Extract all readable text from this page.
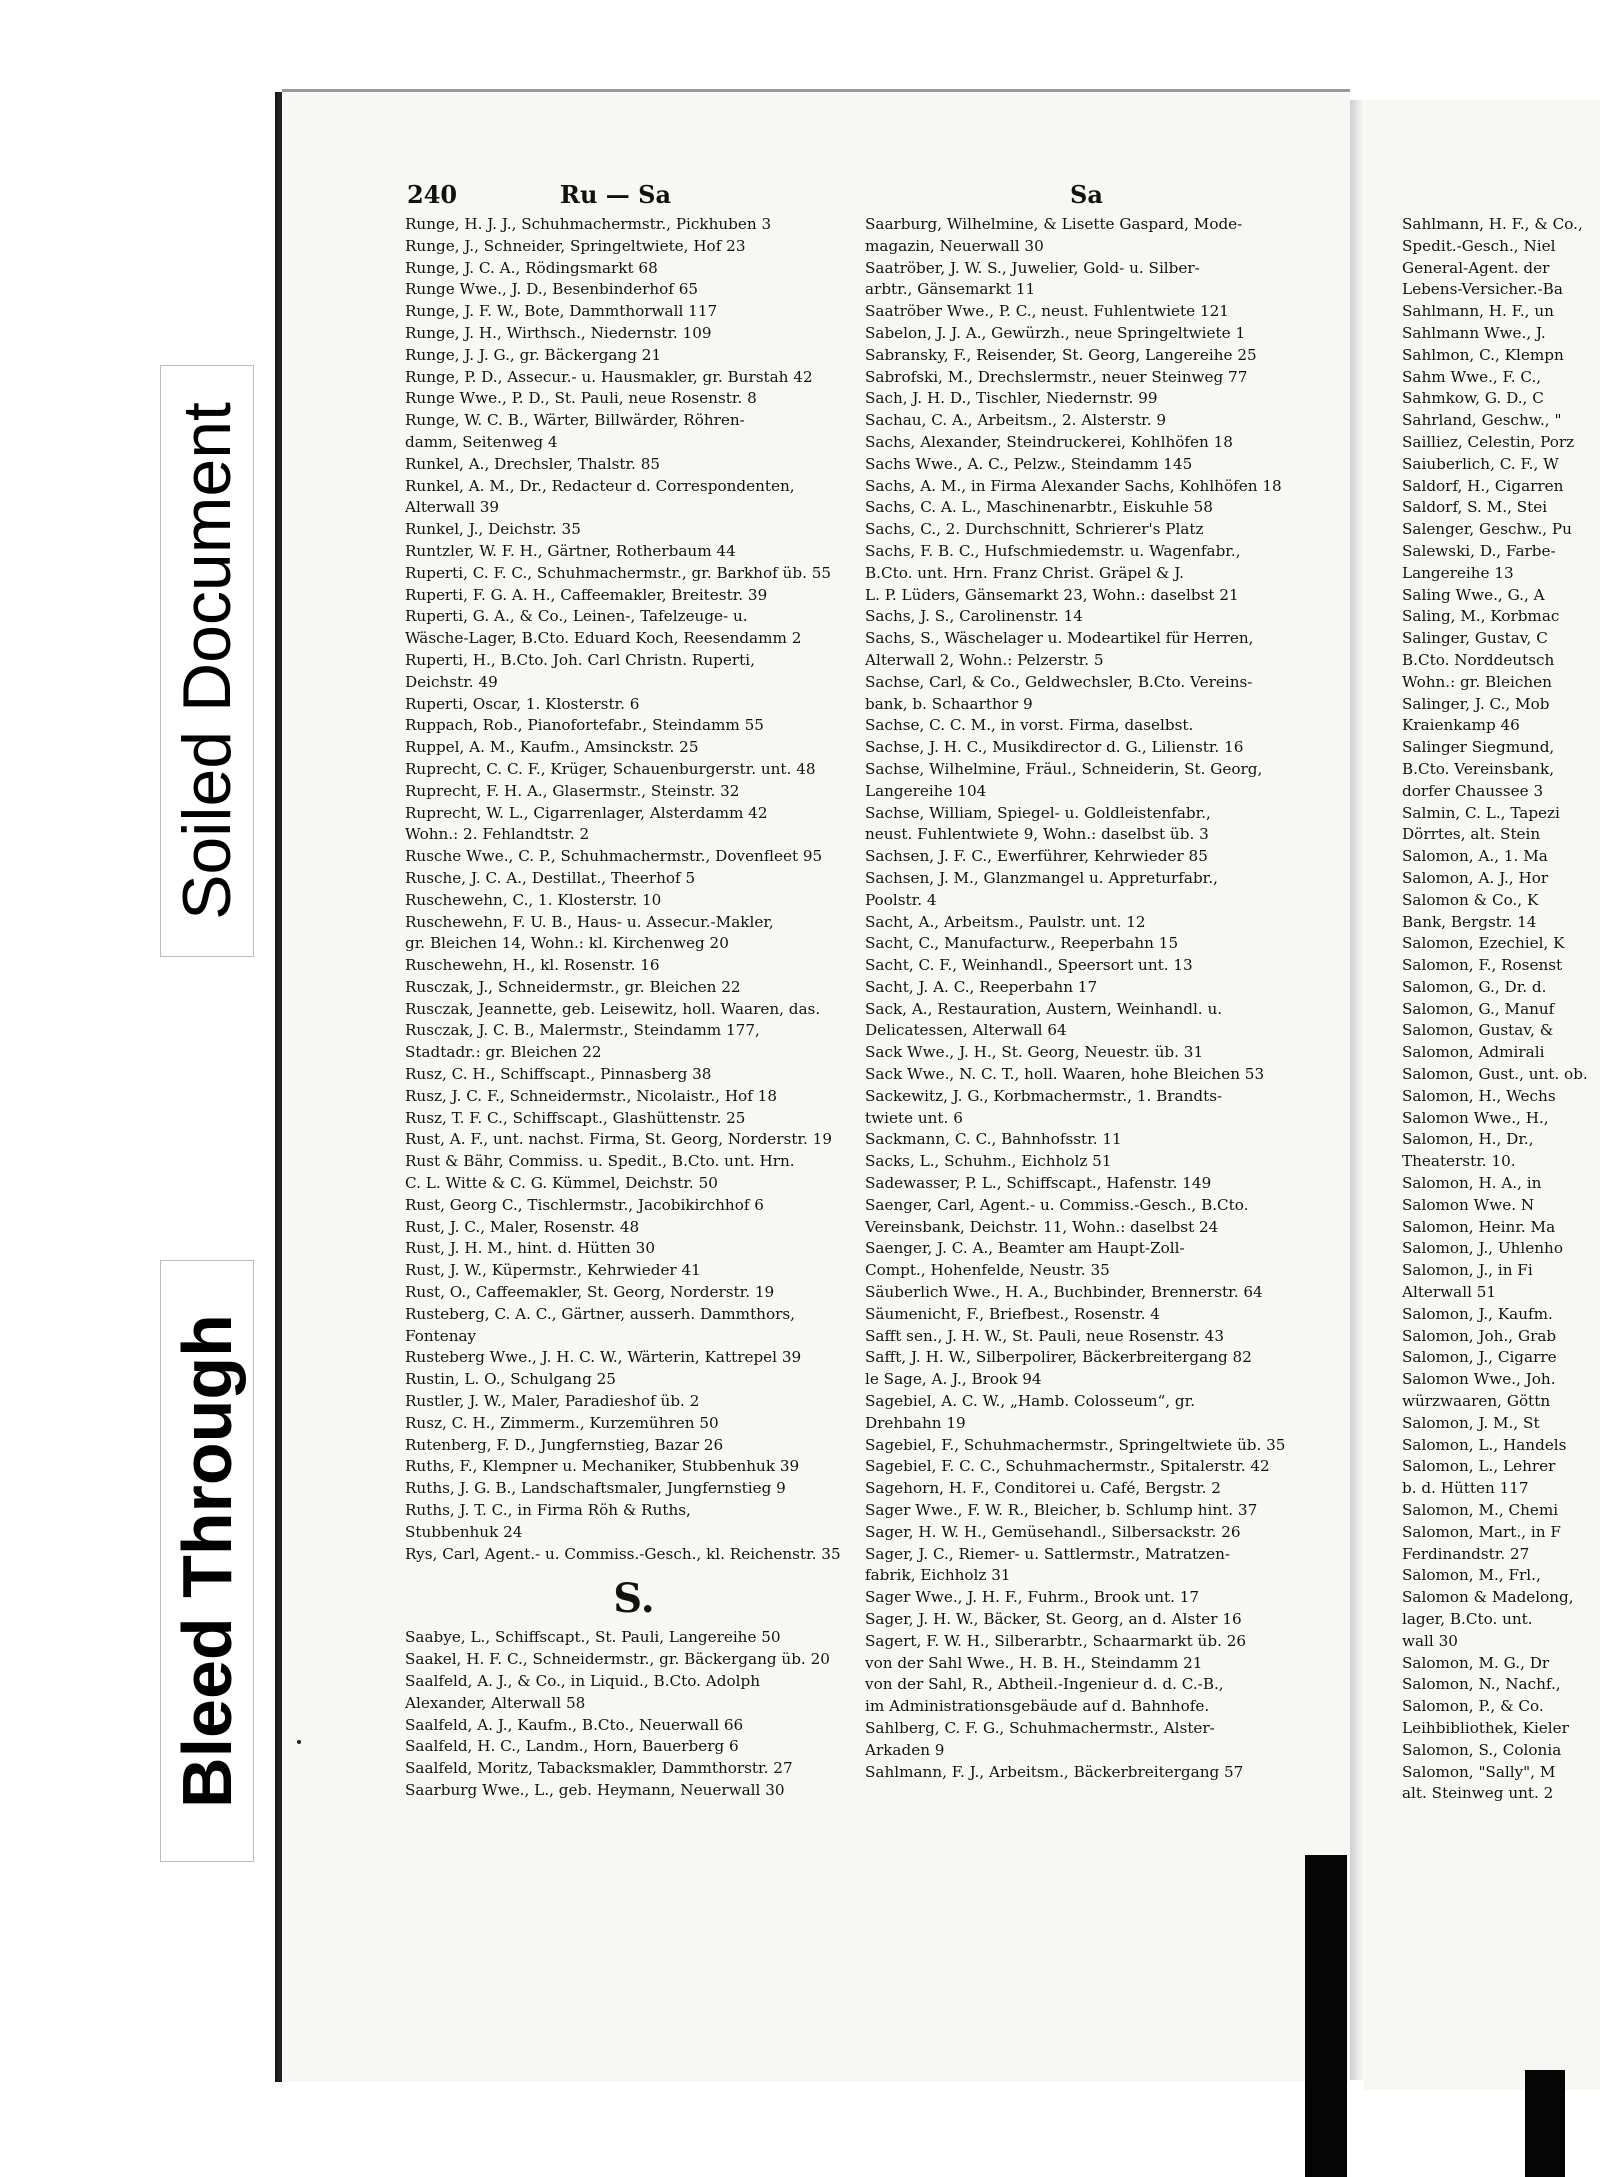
Soiled Document
Bleed Through
240	Ru — Sa	Sa
Runge, H. J. J., Schuhmachermstr., Pickhuben 3
Runge, J., Schneider, Springeltwiete, Hof 23
Runge, J. C. A., Rödingsmarkt 68
Runge Wwe., J. D., Besenbinderhof 65
Runge, J. F. W., Bote, Dammthorwall 117
Runge, J. H., Wirthsch., Niedernstr. 109
Runge, J. J. G., gr. Bäckergang 21
Runge, P. D., Assecur.- u. Hausmakler, gr. Burstah 42
Runge Wwe., P. D., St. Pauli, neue Rosenstr. 8
Runge, W. C. B., Wärter, Billwärder, Röhren-
damm, Seitenweg 4
Runkel, A., Drechsler, Thalstr. 85
Runkel, A. M., Dr., Redacteur d. Correspondenten,
Alterwall 39
Runkel, J., Deichstr. 35
Runtzler, W. F. H., Gärtner, Rotherbaum 44
Ruperti, C. F. C., Schuhmachermstr., gr. Barkhof üb. 55
Ruperti, F. G. A. H., Caffeemakler, Breitestr. 39
Ruperti, G. A., & Co., Leinen-, Tafelzeuge- u.
Wäsche-Lager, B.Cto. Eduard Koch, Reesendamm 2
Ruperti, H., B.Cto. Joh. Carl Christn. Ruperti,
Deichstr. 49
Ruperti, Oscar, 1. Klosterstr. 6
Ruppach, Rob., Pianofortefabr., Steindamm 55
Ruppel, A. M., Kaufm., Amsinckstr. 25
Ruprecht, C. C. F., Krüger, Schauenburgerstr. unt. 48
Ruprecht, F. H. A., Glasermstr., Steinstr. 32
Ruprecht, W. L., Cigarrenlager, Alsterdamm 42
Wohn.: 2. Fehlandtstr. 2
Rusche Wwe., C. P., Schuhmachermstr., Dovenfleet 95
Rusche, J. C. A., Destillat., Theerhof 5
Ruschewehn, C., 1. Klosterstr. 10
Ruschewehn, F. U. B., Haus- u. Assecur.-Makler,
gr. Bleichen 14, Wohn.: kl. Kirchenweg 20
Ruschewehn, H., kl. Rosenstr. 16
Rusczak, J., Schneidermstr., gr. Bleichen 22
Rusczak, Jeannette, geb. Leisewitz, holl. Waaren, das.
Rusczak, J. C. B., Malermstr., Steindamm 177,
Stadtadr.: gr. Bleichen 22
Rusz, C. H., Schiffscapt., Pinnasberg 38
Rusz, J. C. F., Schneidermstr., Nicolaistr., Hof 18
Rusz, T. F. C., Schiffscapt., Glashüttenstr. 25
Rust, A. F., unt. nachst. Firma, St. Georg, Norderstr. 19
Rust & Bähr, Commiss. u. Spedit., B.Cto. unt. Hrn.
C. L. Witte & C. G. Kümmel, Deichstr. 50
Rust, Georg C., Tischlermstr., Jacobikirchhof 6
Rust, J. C., Maler, Rosenstr. 48
Rust, J. H. M., hint. d. Hütten 30
Rust, J. W., Küpermstr., Kehrwieder 41
Rust, O., Caffeemakler, St. Georg, Norderstr. 19
Rusteberg, C. A. C., Gärtner, ausserh. Dammthors,
Fontenay
Rusteberg Wwe., J. H. C. W., Wärterin, Kattrepel 39
Rustin, L. O., Schulgang 25
Rustler, J. W., Maler, Paradieshof üb. 2
Rusz, C. H., Zimmerm., Kurzemühren 50
Rutenberg, F. D., Jungfernstieg, Bazar 26
Ruths, F., Klempner u. Mechaniker, Stubbenhuk 39
Ruths, J. G. B., Landschaftsmaler, Jungfernstieg 9
Ruths, J. T. C., in Firma Röh & Ruths,
Stubbenhuk 24
Rys, Carl, Agent.- u. Commiss.-Gesch., kl. Reichenstr. 35
S.
Saabye, L., Schiffscapt., St. Pauli, Langereihe 50
Saakel, H. F. C., Schneidermstr., gr. Bäckergang üb. 20
Saalfeld, A. J., & Co., in Liquid., B.Cto. Adolph
Alexander, Alterwall 58
Saalfeld, A. J., Kaufm., B.Cto., Neuerwall 66
Saalfeld, H. C., Landm., Horn, Bauerberg 6
Saalfeld, Moritz, Tabacksmakler, Dammthorstr. 27
Saarburg Wwe., L., geb. Heymann, Neuerwall 30
Saarburg, Wilhelmine, & Lisette Gaspard, Mode-
magazin, Neuerwall 30
Saatröber, J. W. S., Juwelier, Gold- u. Silber-
arbtr., Gänsemarkt 11
Saatröber Wwe., P. C., neust. Fuhlentwiete 121
Sabelon, J. J. A., Gewürzh., neue Springeltwiete 1
Sabransky, F., Reisender, St. Georg, Langereihe 25
Sabrofski, M., Drechslermstr., neuer Steinweg 77
Sach, J. H. D., Tischler, Niedernstr. 99
Sachau, C. A., Arbeitsm., 2. Alsterstr. 9
Sachs, Alexander, Steindruckerei, Kohlhöfen 18
Sachs Wwe., A. C., Pelzw., Steindamm 145
Sachs, A. M., in Firma Alexander Sachs, Kohlhöfen 18
Sachs, C. A. L., Maschinenarbtr., Eiskuhle 58
Sachs, C., 2. Durchschnitt, Schrierer's Platz
Sachs, F. B. C., Hufschmiedemstr. u. Wagenfabr.,
B.Cto. unt. Hrn. Franz Christ. Gräpel & J.
L. P. Lüders, Gänsemarkt 23, Wohn.: daselbst 21
Sachs, J. S., Carolinenstr. 14
Sachs, S., Wäschelager u. Modeartikel für Herren,
Alterwall 2, Wohn.: Pelzerstr. 5
Sachse, Carl, & Co., Geldwechsler, B.Cto. Vereins-
bank, b. Schaarthor 9
Sachse, C. C. M., in vorst. Firma, daselbst.
Sachse, J. H. C., Musikdirector d. G., Lilienstr. 16
Sachse, Wilhelmine, Fräul., Schneiderin, St. Georg,
Langereihe 104
Sachse, William, Spiegel- u. Goldleistenfabr.,
neust. Fuhlentwiete 9, Wohn.: daselbst üb. 3
Sachsen, J. F. C., Ewerführer, Kehrwieder 85
Sachsen, J. M., Glanzmangel u. Appreturfabr.,
Poolstr. 4
Sacht, A., Arbeitsm., Paulstr. unt. 12
Sacht, C., Manufacturw., Reeperbahn 15
Sacht, C. F., Weinhandl., Speersort unt. 13
Sacht, J. A. C., Reeperbahn 17
Sack, A., Restauration, Austern, Weinhandl. u.
Delicatessen, Alterwall 64
Sack Wwe., J. H., St. Georg, Neuestr. üb. 31
Sack Wwe., N. C. T., holl. Waaren, hohe Bleichen 53
Sackewitz, J. G., Korbmachermstr., 1. Brandts-
twiete unt. 6
Sackmann, C. C., Bahnhofsstr. 11
Sacks, L., Schuhm., Eichholz 51
Sadewasser, P. L., Schiffscapt., Hafenstr. 149
Saenger, Carl, Agent.- u. Commiss.-Gesch., B.Cto.
Vereinsbank, Deichstr. 11, Wohn.: daselbst 24
Saenger, J. C. A., Beamter am Haupt-Zoll-
Compt., Hohenfelde, Neustr. 35
Säuberlich Wwe., H. A., Buchbinder, Brennerstr. 64
Säumenicht, F., Briefbest., Rosenstr. 4
Safft sen., J. H. W., St. Pauli, neue Rosenstr. 43
Safft, J. H. W., Silberpolirer, Bäckerbreitergang 82
le Sage, A. J., Brook 94
Sagebiel, A. C. W., „Hamb. Colosseum“, gr.
Drehbahn 19
Sagebiel, F., Schuhmachermstr., Springeltwiete üb. 35
Sagebiel, F. C. C., Schuhmachermstr., Spitalerstr. 42
Sagehorn, H. F., Conditorei u. Café, Bergstr. 2
Sager Wwe., F. W. R., Bleicher, b. Schlump hint. 37
Sager, H. W. H., Gemüsehandl., Silbersackstr. 26
Sager, J. C., Riemer- u. Sattlermstr., Matratzen-
fabrik, Eichholz 31
Sager Wwe., J. H. F., Fuhrm., Brook unt. 17
Sager, J. H. W., Bäcker, St. Georg, an d. Alster 16
Sagert, F. W. H., Silberarbtr., Schaarmarkt üb. 26
von der Sahl Wwe., H. B. H., Steindamm 21
von der Sahl, R., Abtheil.-Ingenieur d. d. C.-B.,
im Administrationsgebäude auf d. Bahnhofe.
Sahlberg, C. F. G., Schuhmachermstr., Alster-
Arkaden 9
Sahlmann, F. J., Arbeitsm., Bäckerbreitergang 57
Sahlmann, H. F., & Co.,
Spedit.-Gesch., Niel
General-Agent. der
Lebens-Versicher.-Ba
Sahlmann, H. F., un
Sahlmann Wwe., J.
Sahlmon, C., Klempn
Sahm Wwe., F. C.,
Sahmkow, G. D., C
Sahrland, Geschw., "
Sailliez, Celestin, Porz
Saiuberlich, C. F., W
Saldorf, H., Cigarren
Saldorf, S. M., Stei
Salenger, Geschw., Pu
Salewski, D., Farbe-
Langereihe 13
Saling Wwe., G., A
Saling, M., Korbmac
Salinger, Gustav, C
B.Cto. Norddeutsch
Wohn.: gr. Bleichen
Salinger, J. C., Mob
Kraienkamp 46
Salinger Siegmund,
B.Cto. Vereinsbank,
dorfer Chaussee 3
Salmin, C. L., Tapezi
Dörrtes, alt. Stein
Salomon, A., 1. Ma
Salomon, A. J., Hor
Salomon & Co., K
Bank, Bergstr. 14
Salomon, Ezechiel, K
Salomon, F., Rosenst
Salomon, G., Dr. d.
Salomon, G., Manuf
Salomon, Gustav, &
Salomon, Admirali
Salomon, Gust., unt. ob.
Salomon, H., Wechs
Salomon Wwe., H.,
Salomon, H., Dr.,
Theaterstr. 10.
Salomon, H. A., in
Salomon Wwe. N
Salomon, Heinr. Ma
Salomon, J., Uhlenho
Salomon, J., in Fi
Alterwall 51
Salomon, J., Kaufm.
Salomon, Joh., Grab
Salomon, J., Cigarre
Salomon Wwe., Joh.
würzwaaren, Göttn
Salomon, J. M., St
Salomon, L., Handels
Salomon, L., Lehrer
b. d. Hütten 117
Salomon, M., Chemi
Salomon, Mart., in F
Ferdinandstr. 27
Salomon, M., Frl.,
Salomon & Madelong,
lager, B.Cto. unt.
wall 30
Salomon, M. G., Dr
Salomon, N., Nachf.,
Salomon, P., & Co.
Leihbibliothek, Kieler
Salomon, S., Colonia
Salomon, "Sally", M
alt. Steinweg unt. 2
